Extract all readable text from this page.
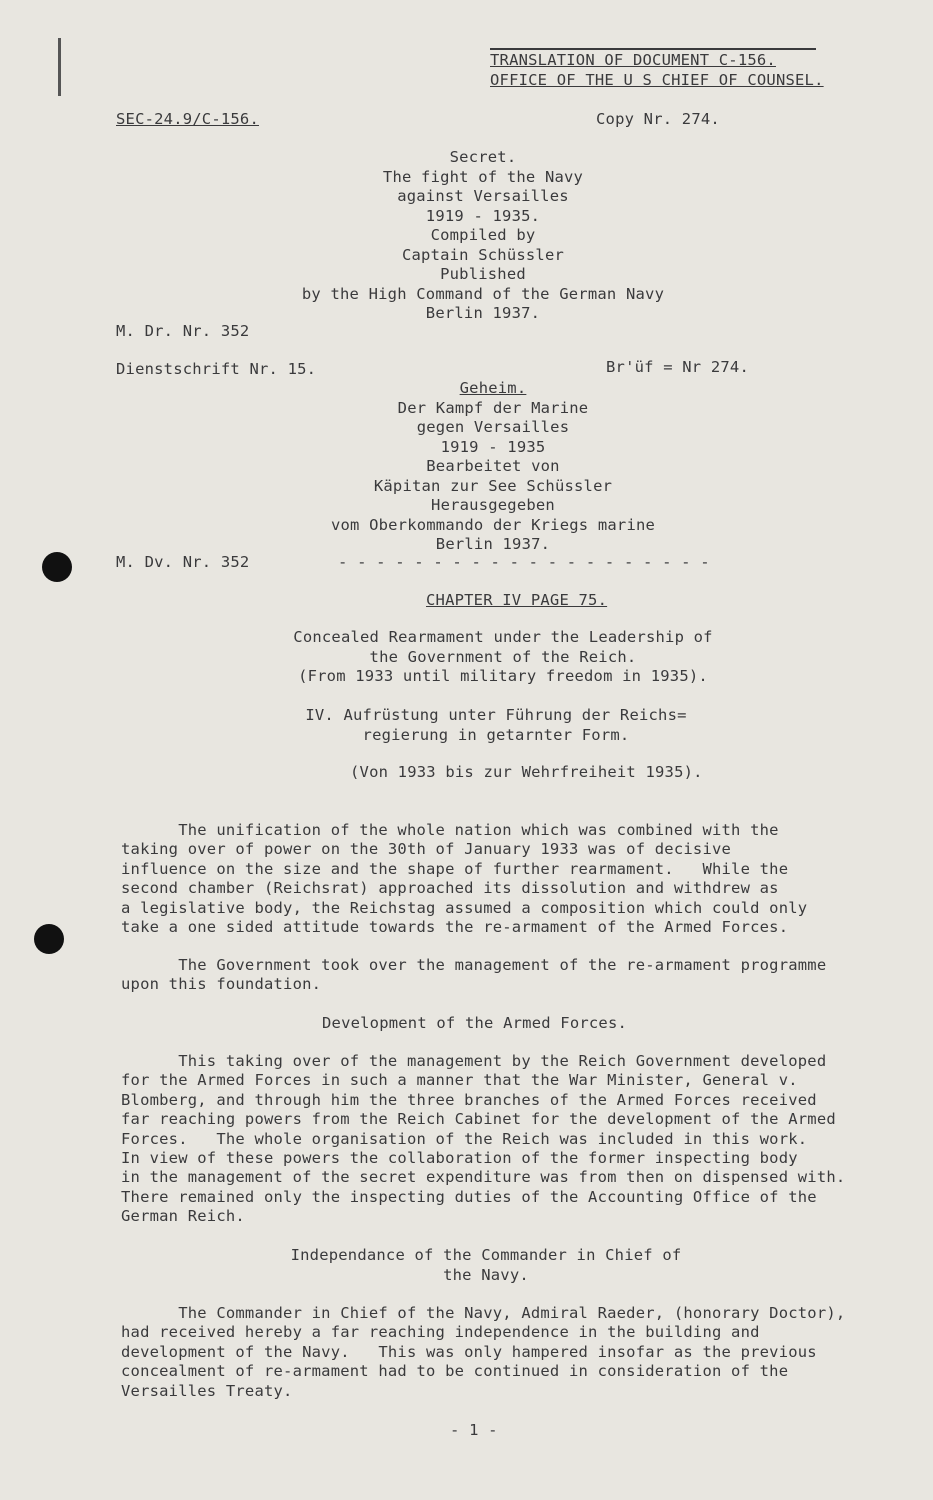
TRANSLATION OF DOCUMENT C-156.
OFFICE OF THE U S CHIEF OF COUNSEL.
SEC-24.9/C-156.	Copy Nr. 274.
Secret.
The fight of the Navy
against Versailles
1919 - 1935.
Compiled by
Captain Schüssler
Published
by the High Command of the German Navy
Berlin 1937.
M. Dr. Nr. 352
Dienstschrift Nr. 15.	Br'üf = Nr 274.
Geheim.
Der Kampf der Marine
gegen Versailles
1919 - 1935
Bearbeitet von
Käpitan zur See Schüssler
Herausgegeben
vom Oberkommando der Kriegs marine
Berlin 1937.
M. Dv. Nr. 352	- - - - - - - - - - - - - - - - - - - -
CHAPTER IV PAGE 75.
Concealed Rearmament under the Leadership of
the Government of the Reich.
(From 1933 until military freedom in 1935).
IV. Aufrüstung unter Führung der Reichs=
regierung in getarnter Form.
(Von 1933 bis zur Wehrfreiheit 1935).
The unification of the whole nation which was combined with the
taking over of power on the 30th of January 1933 was of decisive
influence on the size and the shape of further rearmament.   While the
second chamber (Reichsrat) approached its dissolution and withdrew as
a legislative body, the Reichstag assumed a composition which could only
take a one sided attitude towards the re-armament of the Armed Forces.
The Government took over the management of the re-armament programme
upon this foundation.
Development of the Armed Forces.
This taking over of the management by the Reich Government developed
for the Armed Forces in such a manner that the War Minister, General v.
Blomberg, and through him the three branches of the Armed Forces received
far reaching powers from the Reich Cabinet for the development of the Armed
Forces.   The whole organisation of the Reich was included in this work.
In view of these powers the collaboration of the former inspecting body
in the management of the secret expenditure was from then on dispensed with.
There remained only the inspecting duties of the Accounting Office of the
German Reich.
Independance of the Commander in Chief of
the Navy.
The Commander in Chief of the Navy, Admiral Raeder, (honorary Doctor),
had received hereby a far reaching independence in the building and
development of the Navy.   This was only hampered insofar as the previous
concealment of re-armament had to be continued in consideration of the
Versailles Treaty.
- 1 -
